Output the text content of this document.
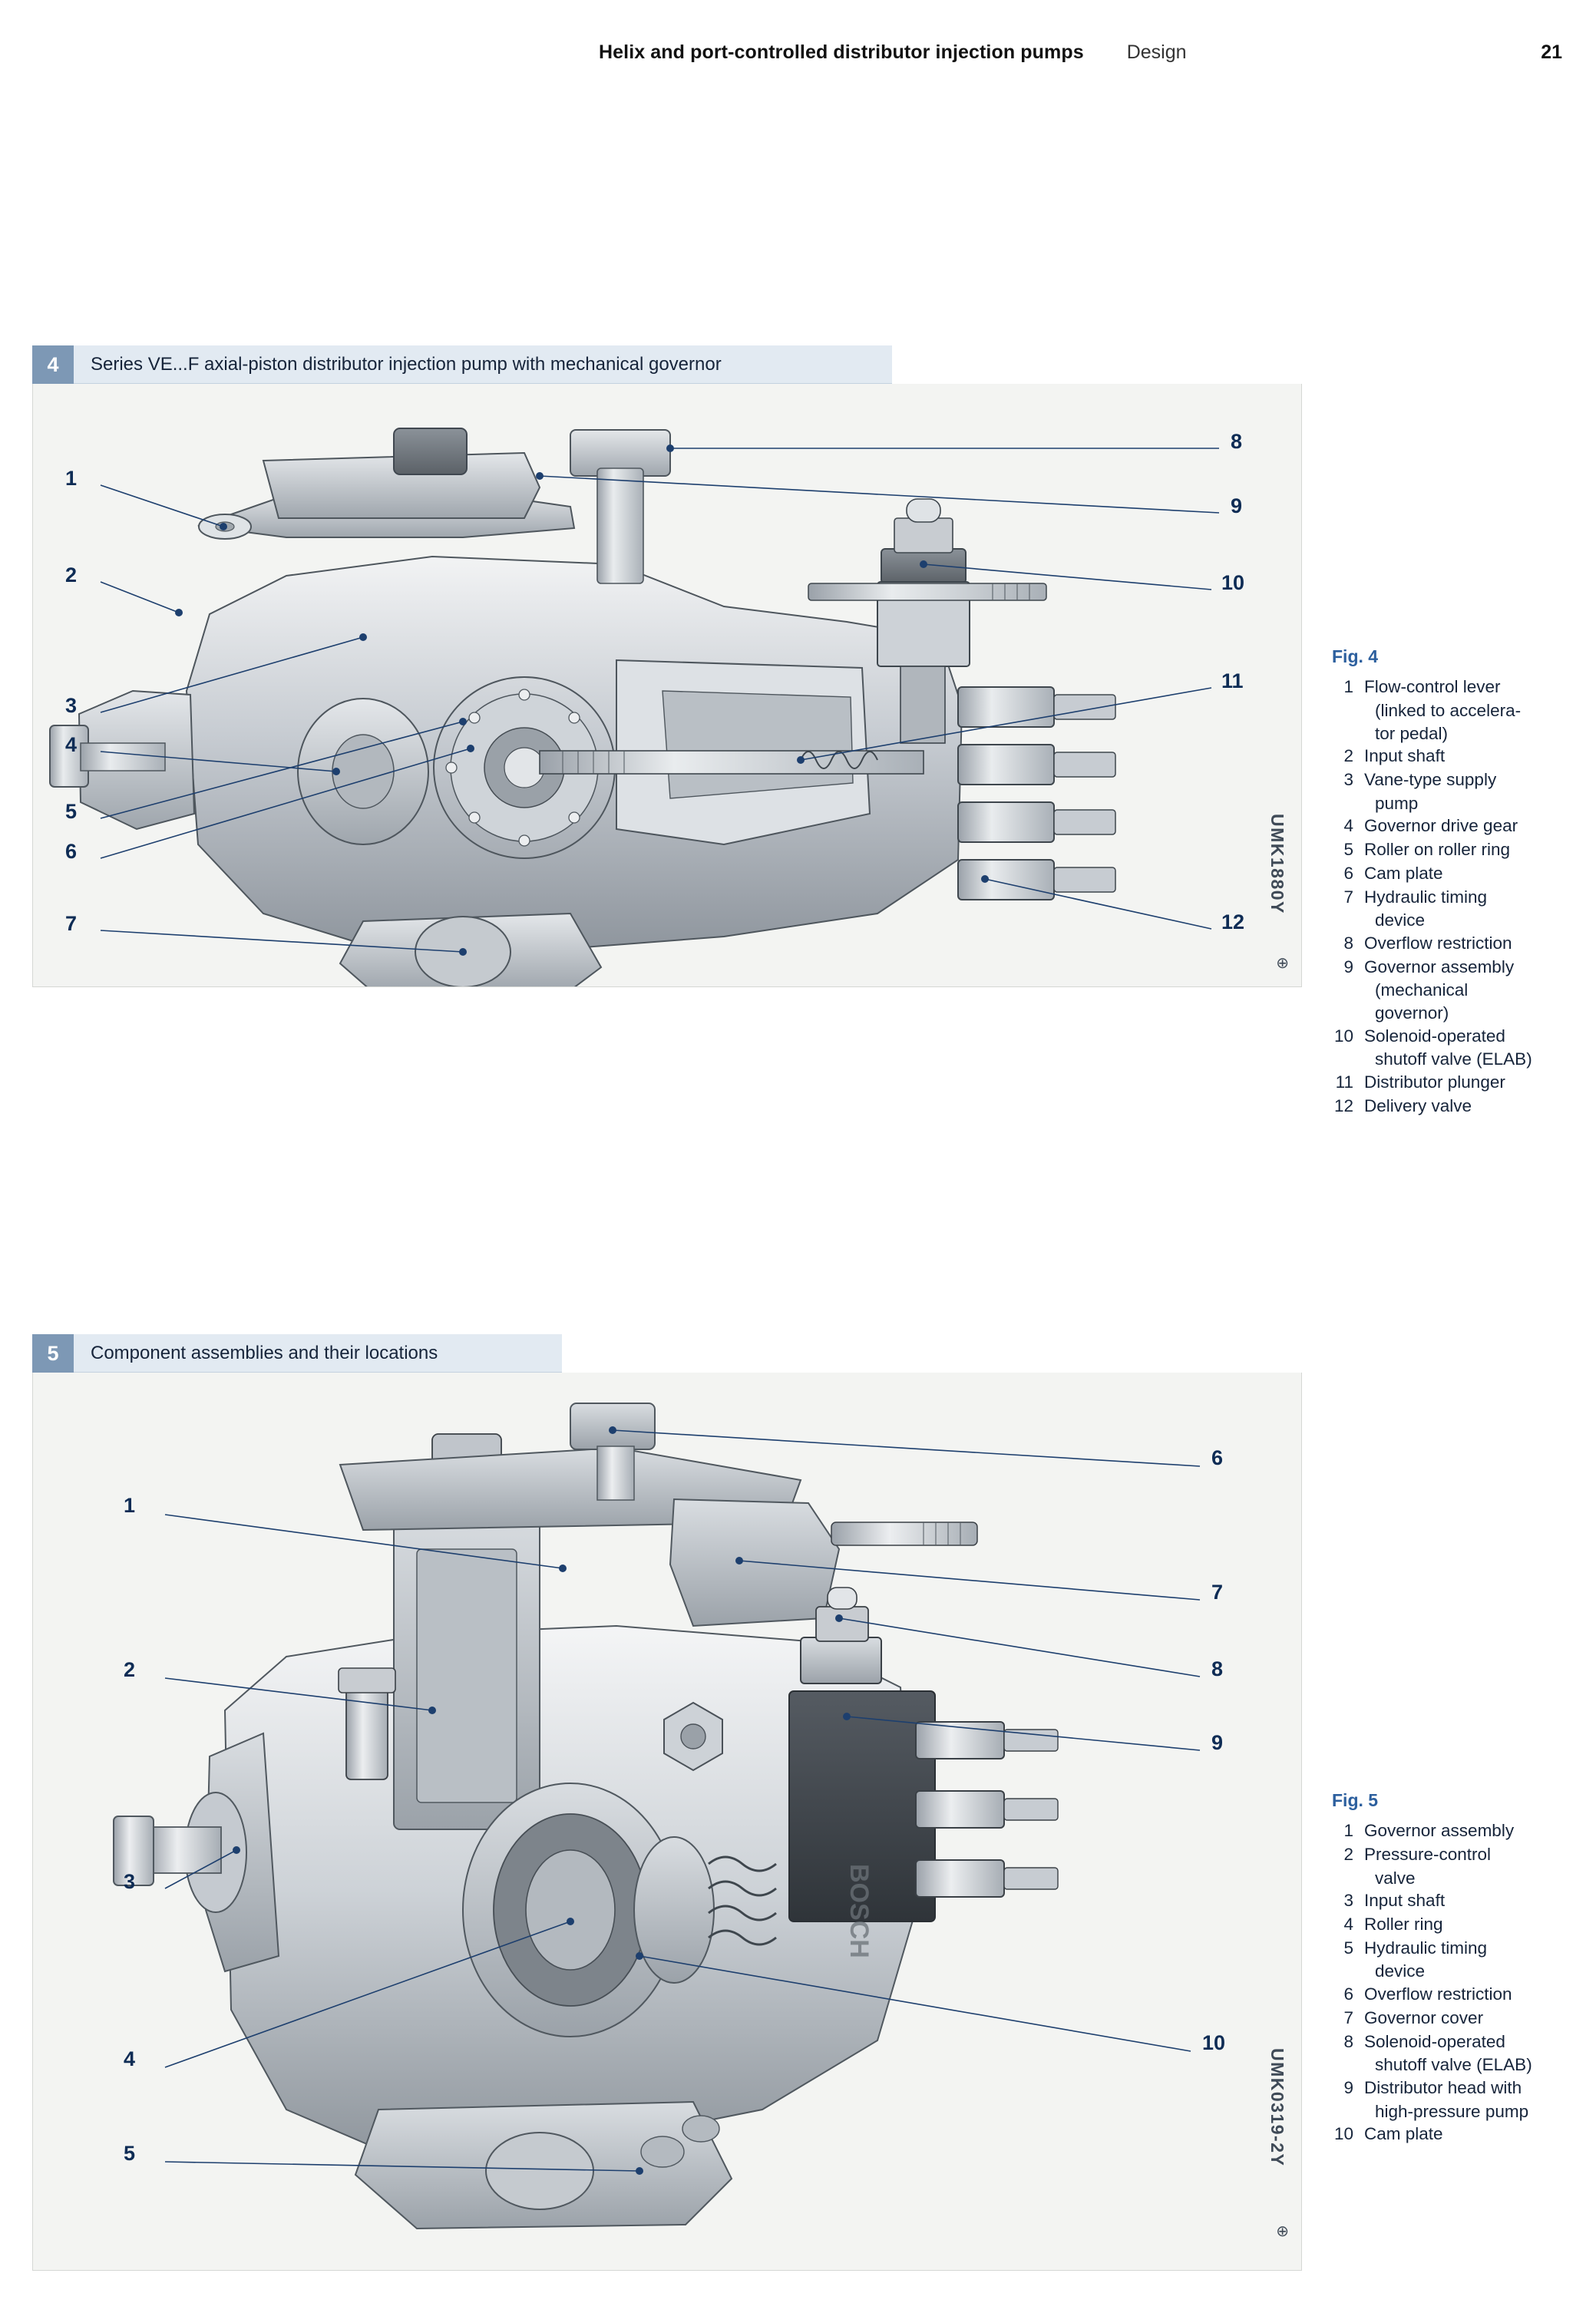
Helix and port-controlled distributor injection pumps Design	21
4	Series VE...F axial-piston distributor injection pump with mechanical governor
1
2
3
4
5
6
7
8
9
10
11
12
UMK1880Y
⊕
Fig. 4
1 Flow-control lever
(linked to accelera-
tor pedal)
2 Input shaft
3 Vane-type supply
pump
4 Governor drive gear
5 Roller on roller ring
6 Cam plate
7 Hydraulic timing
device
8 Overflow restriction
9 Governor assembly
(mechanical
governor)
10 Solenoid-operated
shutoff valve (ELAB)
11 Distributor plunger
12 Delivery valve
5	Component assemblies and their locations
BOSCH
1
2
3
4
5
6
7
8
9
10
UMK0319-2Y
⊕
Fig. 5
1 Governor assembly
2 Pressure-control
valve
3 Input shaft
4 Roller ring
5 Hydraulic timing
device
6 Overflow restriction
7 Governor cover
8 Solenoid-operated
shutoff valve (ELAB)
9 Distributor head with
high-pressure pump
10 Cam plate
